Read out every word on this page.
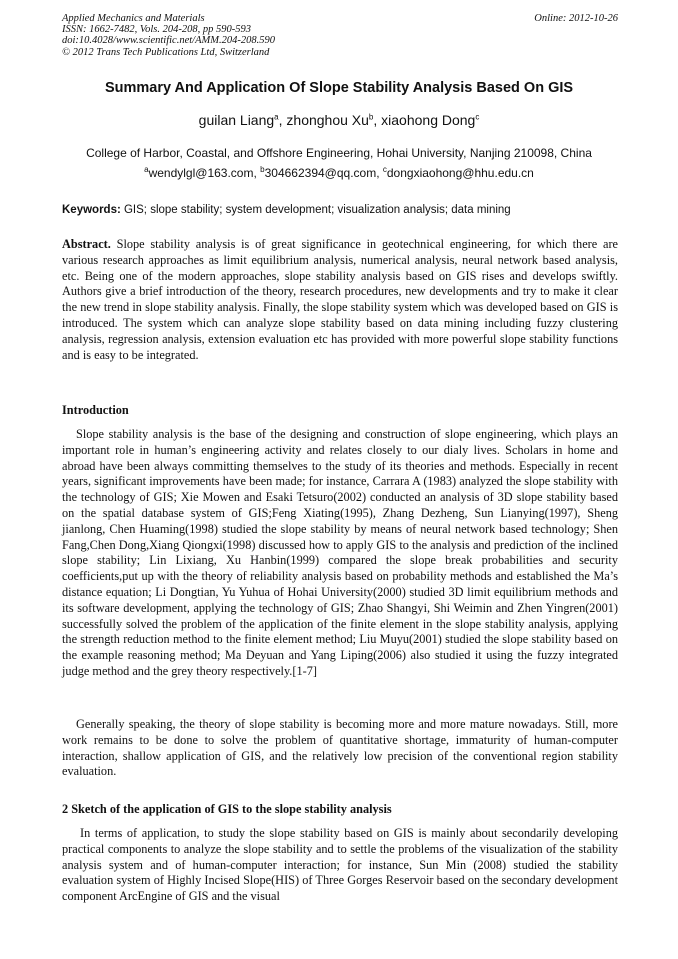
Applied Mechanics and Materials
ISSN: 1662-7482, Vols. 204-208, pp 590-593
doi:10.4028/www.scientific.net/AMM.204-208.590
© 2012 Trans Tech Publications Ltd, Switzerland
Online: 2012-10-26
Summary And Application Of Slope Stability Analysis Based On GIS
guilan Liang$^a$, zhonghou Xu$^b$, xiaohong Dong$^c$
College of Harbor, Coastal, and Offshore Engineering, Hohai University, Nanjing 210098, China
$^a$wendylgl@163.com, $^b$304662394@qq.com, $^c$dongxiaohong@hhu.edu.cn
Keywords: GIS; slope stability; system development; visualization analysis; data mining
Abstract. Slope stability analysis is of great significance in geotechnical engineering, for which there are various research approaches as limit equilibrium analysis, numerical analysis, neural network based analysis, etc. Being one of the modern approaches, slope stability analysis based on GIS rises and develops swiftly. Authors give a brief introduction of the theory, research procedures, new developments and try to make it clear the new trend in slope stability analysis. Finally, the slope stability system which was developed based on GIS is introduced. The system which can analyze slope stability based on data mining including fuzzy clustering analysis, regression analysis, extension evaluation etc has provided with more powerful slope stability functions and is easy to be integrated.
Introduction
Slope stability analysis is the base of the designing and construction of slope engineering, which plays an important role in human’s engineering activity and relates closely to our dialy lives. Scholars in home and abroad have been always committing themselves to the study of its theories and methods. Especially in recent years, significant improvements have been made; for instance, Carrara A (1983) analyzed the slope stability with the technology of GIS; Xie Mowen and Esaki Tetsuro(2002) conducted an analysis of 3D slope stability based on the spatial database system of GIS;Feng Xiating(1995), Zhang Dezheng, Sun Lianying(1997), Sheng jianlong, Chen Huaming(1998) studied the slope stability by means of neural network based technology; Shen Fang,Chen Dong,Xiang Qiongxi(1998) discussed how to apply GIS to the analysis and prediction of the inclined slope stability; Lin Lixiang, Xu Hanbin(1999) compared the slope break probabilities and security coefficients,put up with the theory of reliability analysis based on probability methods and established the Ma’s distance equation; Li Dongtian, Yu Yuhua of Hohai University(2000) studied 3D limit equilibrium methods and its software development, applying the technology of GIS; Zhao Shangyi, Shi Weimin and Zhen Yingren(2001) successfully solved the problem of the application of the finite element in the slope stability analysis, applying the strength reduction method to the finite element method; Liu Muyu(2001) studied the slope stability based on the example reasoning method; Ma Deyuan and Yang Liping(2006) also studied it using the fuzzy integrated judge method and the grey theory respectively.[1-7]
Generally speaking, the theory of slope stability is becoming more and more mature nowadays. Still, more work remains to be done to solve the problem of quantitative shortage, immaturity of human-computer interaction, shallow application of GIS, and the relatively low precision of the conventional region stability evaluation.
2 Sketch of the application of GIS to the slope stability analysis
In terms of application, to study the slope stability based on GIS is mainly about secondarily developing practical components to analyze the slope stability and to settle the problems of the visualization of the stability analysis system and of human-computer interaction; for instance, Sun Min (2008) studied the stability evaluation system of Highly Incised Slope(HIS) of Three Gorges Reservoir based on the secondary development component ArcEngine of GIS and the visual
